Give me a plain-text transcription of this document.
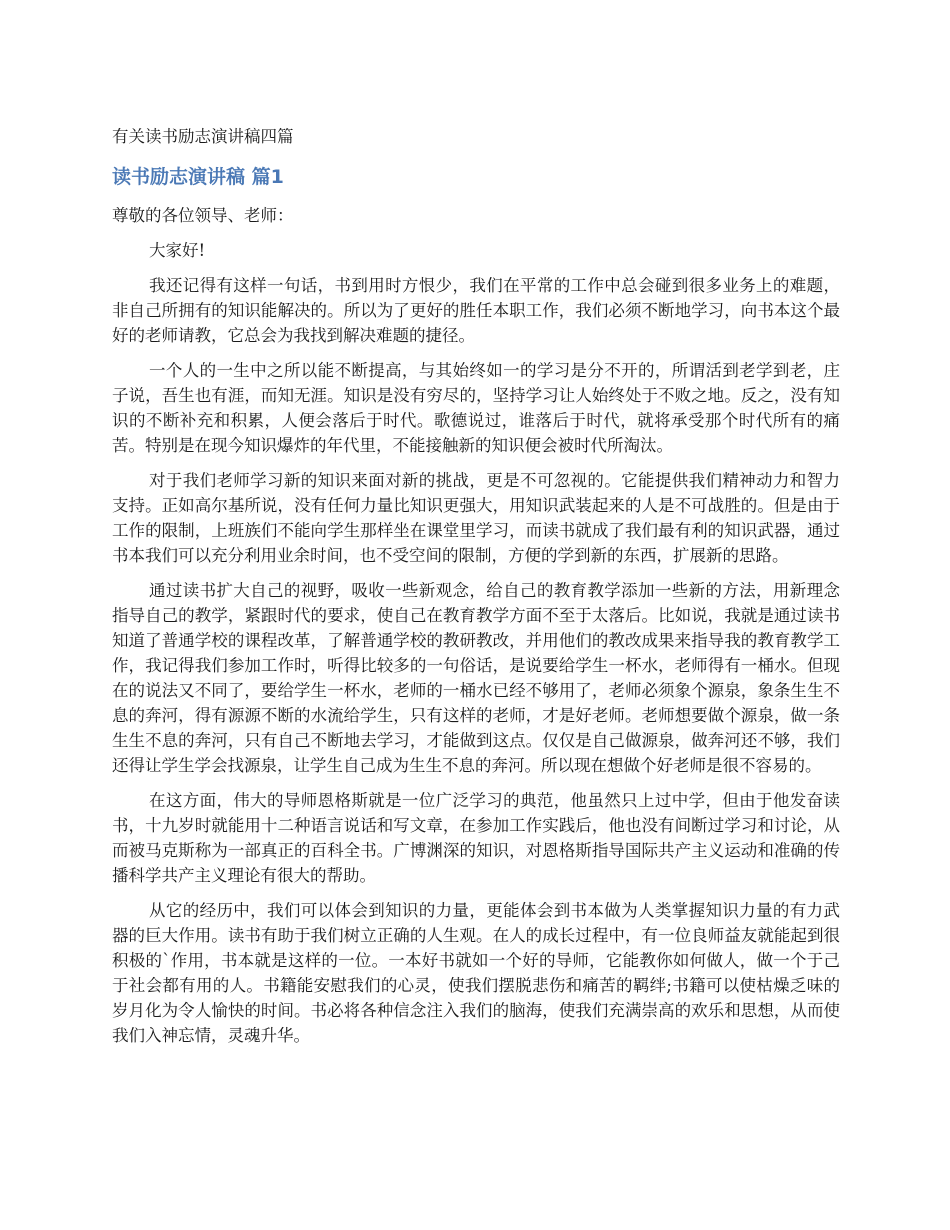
有关读书励志演讲稿四篇

读书励志演讲稿 篇1

尊敬的各位领导、老师：

大家好!

我还记得有这样一句话，书到用时方恨少，我们在平常的工作中总会碰到很多业务上的难题，非自己所拥有的知识能解决的。所以为了更好的胜任本职工作，我们必须不断地学习，向书本这个最好的老师请教，它总会为我找到解决难题的捷径。

一个人的一生中之所以能不断提高，与其始终如一的学习是分不开的，所谓活到老学到老，庄子说，吾生也有涯，而知无涯。知识是没有穷尽的，坚持学习让人始终处于不败之地。反之，没有知识的不断补充和积累，人便会落后于时代。歌德说过，谁落后于时代，就将承受那个时代所有的痛苦。特别是在现今知识爆炸的年代里，不能接触新的知识便会被时代所淘汰。

对于我们老师学习新的知识来面对新的挑战，更是不可忽视的。它能提供我们精神动力和智力支持。正如高尔基所说，没有任何力量比知识更强大，用知识武装起来的人是不可战胜的。但是由于工作的限制，上班族们不能向学生那样坐在课堂里学习，而读书就成了我们最有利的知识武器，通过书本我们可以充分利用业余时间，也不受空间的限制，方便的学到新的东西，扩展新的思路。

通过读书扩大自己的视野，吸收一些新观念，给自己的教育教学添加一些新的方法，用新理念指导自己的教学，紧跟时代的要求，使自己在教育教学方面不至于太落后。比如说，我就是通过读书知道了普通学校的课程改革，了解普通学校的教研教改，并用他们的教改成果来指导我的教育教学工作，我记得我们参加工作时，听得比较多的一句俗话，是说要给学生一杯水，老师得有一桶水。但现在的说法又不同了，要给学生一杯水，老师的一桶水已经不够用了，老师必须象个源泉，象条生生不息的奔河，得有源源不断的水流给学生，只有这样的老师，才是好老师。老师想要做个源泉，做一条生生不息的奔河，只有自己不断地去学习，才能做到这点。仅仅是自己做源泉，做奔河还不够，我们还得让学生学会找源泉，让学生自己成为生生不息的奔河。所以现在想做个好老师是很不容易的。

在这方面，伟大的导师恩格斯就是一位广泛学习的典范，他虽然只上过中学，但由于他发奋读书，十九岁时就能用十二种语言说话和写文章，在参加工作实践后，他也没有间断过学习和讨论，从而被马克斯称为一部真正的百科全书。广博渊深的知识，对恩格斯指导国际共产主义运动和准确的传播科学共产主义理论有很大的帮助。

从它的经历中，我们可以体会到知识的力量，更能体会到书本做为人类掌握知识力量的有力武器的巨大作用。读书有助于我们树立正确的人生观。在人的成长过程中，有一位良师益友就能起到很积极的`作用，书本就是这样的一位。一本好书就如一个好的导师，它能教你如何做人，做一个于己于社会都有用的人。书籍能安慰我们的心灵，使我们摆脱悲伤和痛苦的羁绊;书籍可以使枯燥乏味的岁月化为令人愉快的时间。书必将各种信念注入我们的脑海，使我们充满崇高的欢乐和思想，从而使我们入神忘情，灵魂升华。
